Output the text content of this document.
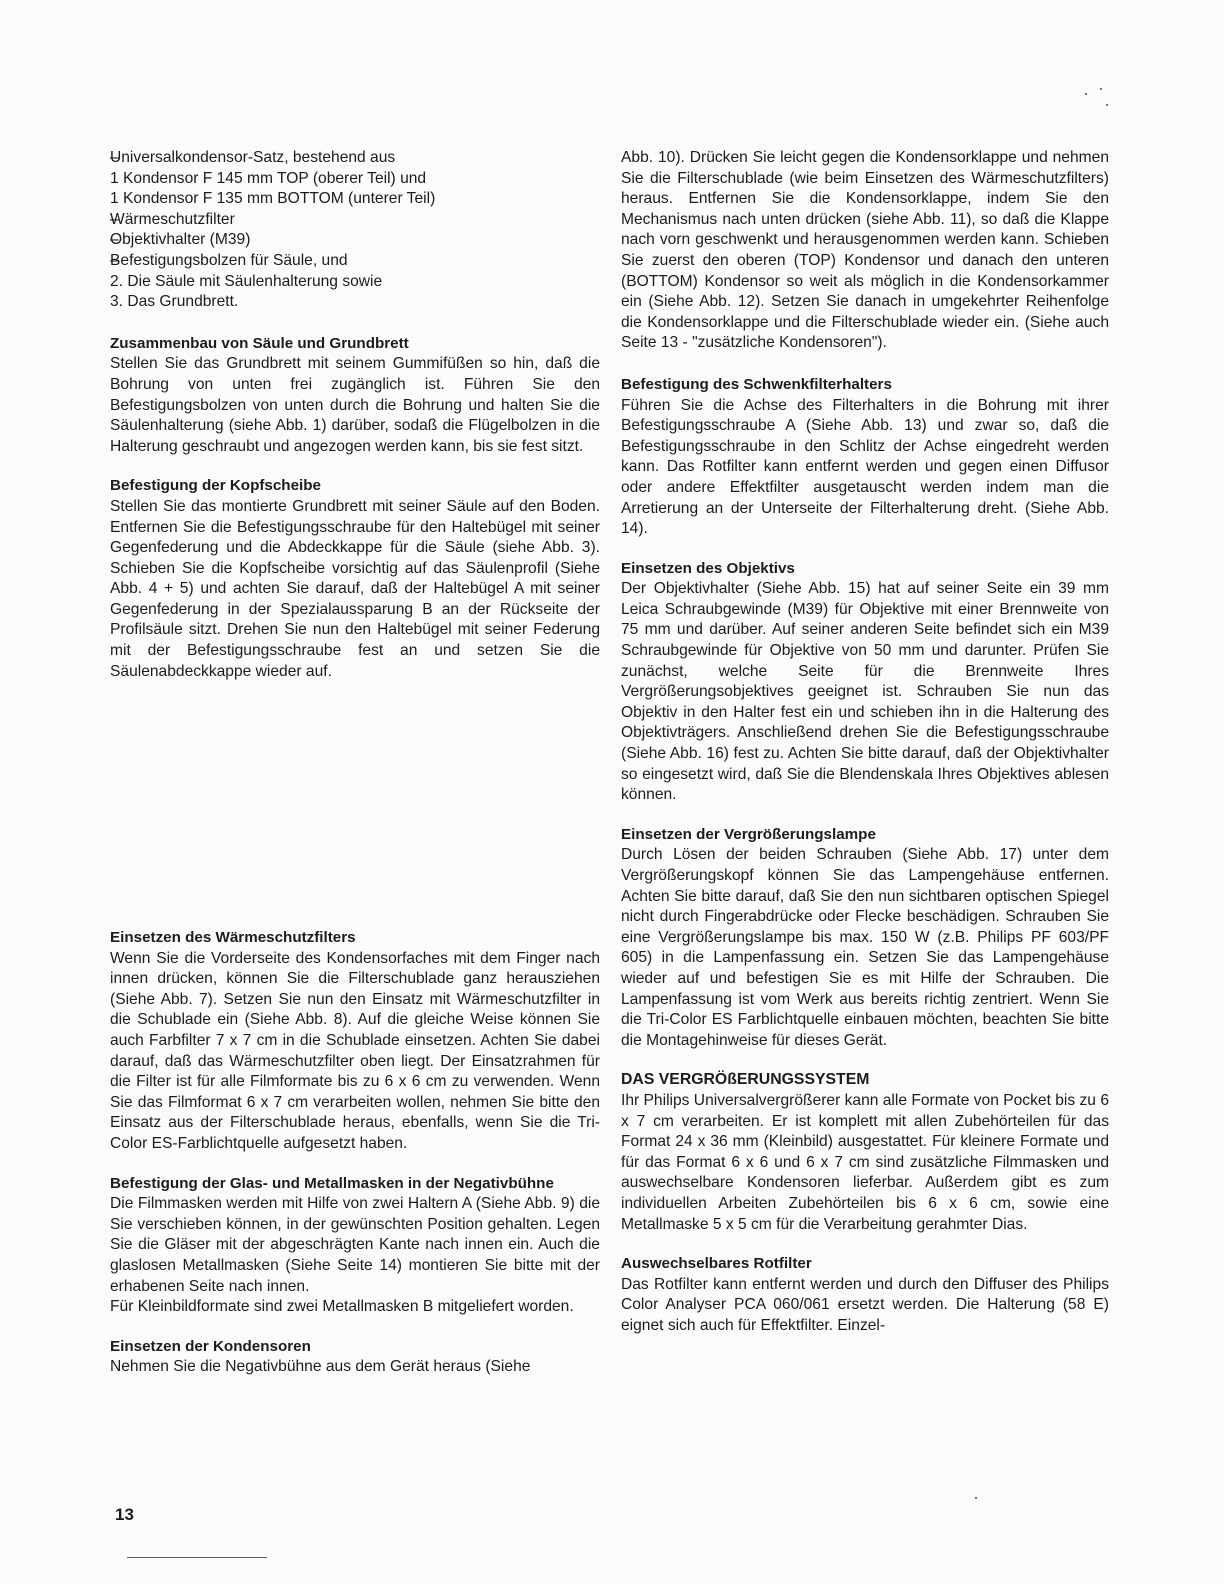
– Universalkondensor-Satz, bestehend aus
1 Kondensor F 145 mm TOP (oberer Teil) und
1 Kondensor F 135 mm BOTTOM (unterer Teil)
– Wärmeschutzfilter
– Objektivhalter (M39)
– Befestigungsbolzen für Säule, und
2. Die Säule mit Säulenhalterung sowie
3. Das Grundbrett.
Zusammenbau von Säule und Grundbrett

Stellen Sie das Grundbrett mit seinem Gummifüßen so hin, daß die Bohrung von unten frei zugänglich ist. Führen Sie den Befestigungsbolzen von unten durch die Bohrung und halten Sie die Säulenhalterung (siehe Abb. 1) darüber, sodaß die Flügelbolzen in die Halterung geschraubt und angezogen werden kann, bis sie fest sitzt.

Befestigung der Kopfscheibe

Stellen Sie das montierte Grundbrett mit seiner Säule auf den Boden. Entfernen Sie die Befestigungsschraube für den Haltebügel mit seiner Gegenfederung und die Abdeckkappe für die Säule (siehe Abb. 3). Schieben Sie die Kopfscheibe vorsichtig auf das Säulenprofil (Siehe Abb. 4 + 5) und achten Sie darauf, daß der Haltebügel A mit seiner Gegenfederung in der Spezialaussparung B an der Rückseite der Profilsäule sitzt. Drehen Sie nun den Haltebügel mit seiner Federung mit der Befestigungsschraube fest an und setzen Sie die Säulenabdeckkappe wieder auf.

Einsetzen des Wärmeschutzfilters

Wenn Sie die Vorderseite des Kondensorfaches mit dem Finger nach innen drücken, können Sie die Filterschublade ganz herausziehen (Siehe Abb. 7). Setzen Sie nun den Einsatz mit Wärmeschutzfilter in die Schublade ein (Siehe Abb. 8). Auf die gleiche Weise können Sie auch Farbfilter 7 x 7 cm in die Schublade einsetzen. Achten Sie dabei darauf, daß das Wärmeschutzfilter oben liegt. Der Einsatzrahmen für die Filter ist für alle Filmformate bis zu 6 x 6 cm zu verwenden. Wenn Sie das Filmformat 6 x 7 cm verarbeiten wollen, nehmen Sie bitte den Einsatz aus der Filterschublade heraus, ebenfalls, wenn Sie die Tri-Color ES-Farblichtquelle aufgesetzt haben.

Befestigung der Glas- und Metallmasken in der Negativbühne

Die Filmmasken werden mit Hilfe von zwei Haltern A (Siehe Abb. 9) die Sie verschieben können, in der gewünschten Position gehalten. Legen Sie die Gläser mit der abgeschrägten Kante nach innen ein. Auch die glaslosen Metallmasken (Siehe Seite 14) montieren Sie bitte mit der erhabenen Seite nach innen.

Für Kleinbildformate sind zwei Metallmasken B mitgeliefert worden.

Einsetzen der Kondensoren

Nehmen Sie die Negativbühne aus dem Gerät heraus (Siehe

Abb. 10). Drücken Sie leicht gegen die Kondensorklappe und nehmen Sie die Filterschublade (wie beim Einsetzen des Wärmeschutzfilters) heraus. Entfernen Sie die Kondensorklappe, indem Sie den Mechanismus nach unten drücken (siehe Abb. 11), so daß die Klappe nach vorn geschwenkt und herausgenommen werden kann. Schieben Sie zuerst den oberen (TOP) Kondensor und danach den unteren (BOTTOM) Kondensor so weit als möglich in die Kondensorkammer ein (Siehe Abb. 12). Setzen Sie danach in umgekehrter Reihenfolge die Kondensorklappe und die Filterschublade wieder ein. (Siehe auch Seite 13 - "zusätzliche Kondensoren").

Befestigung des Schwenkfilterhalters

Führen Sie die Achse des Filterhalters in die Bohrung mit ihrer Befestigungsschraube A (Siehe Abb. 13) und zwar so, daß die Befestigungsschraube in den Schlitz der Achse eingedreht werden kann. Das Rotfilter kann entfernt werden und gegen einen Diffusor oder andere Effektfilter ausgetauscht werden indem man die Arretierung an der Unterseite der Filterhalterung dreht. (Siehe Abb. 14).

Einsetzen des Objektivs

Der Objektivhalter (Siehe Abb. 15) hat auf seiner Seite ein 39 mm Leica Schraubgewinde (M39) für Objektive mit einer Brennweite von 75 mm und darüber. Auf seiner anderen Seite befindet sich ein M39 Schraubgewinde für Objektive von 50 mm und darunter. Prüfen Sie zunächst, welche Seite für die Brennweite Ihres Vergrößerungsobjektives geeignet ist. Schrauben Sie nun das Objektiv in den Halter fest ein und schieben ihn in die Halterung des Objektivträgers. Anschließend drehen Sie die Befestigungsschraube (Siehe Abb. 16) fest zu. Achten Sie bitte darauf, daß der Objektivhalter so eingesetzt wird, daß Sie die Blendenskala Ihres Objektives ablesen können.

Einsetzen der Vergrößerungslampe

Durch Lösen der beiden Schrauben (Siehe Abb. 17) unter dem Vergrößerungskopf können Sie das Lampengehäuse entfernen. Achten Sie bitte darauf, daß Sie den nun sichtbaren optischen Spiegel nicht durch Fingerabdrücke oder Flecke beschädigen. Schrauben Sie eine Vergrößerungslampe bis max. 150 W (z.B. Philips PF 603/PF 605) in die Lampenfassung ein. Setzen Sie das Lampengehäuse wieder auf und befestigen Sie es mit Hilfe der Schrauben. Die Lampenfassung ist vom Werk aus bereits richtig zentriert. Wenn Sie die Tri-Color ES Farblichtquelle einbauen möchten, beachten Sie bitte die Montagehinweise für dieses Gerät.

DAS VERGRÖßERUNGSSYSTEM

Ihr Philips Universalvergrößerer kann alle Formate von Pocket bis zu 6 x 7 cm verarbeiten. Er ist komplett mit allen Zubehörteilen für das Format 24 x 36 mm (Kleinbild) ausgestattet. Für kleinere Formate und für das Format 6 x 6 und 6 x 7 cm sind zusätzliche Filmmasken und auswechselbare Kondensoren lieferbar. Außerdem gibt es zum individuellen Arbeiten Zubehörteilen bis 6 x 6 cm, sowie eine Metallmaske 5 x 5 cm für die Verarbeitung gerahmter Dias.

Auswechselbares Rotfilter

Das Rotfilter kann entfernt werden und durch den Diffuser des Philips Color Analyser PCA 060/061 ersetzt werden. Die Halterung (58 E) eignet sich auch für Effektfilter. Einzel-

13
